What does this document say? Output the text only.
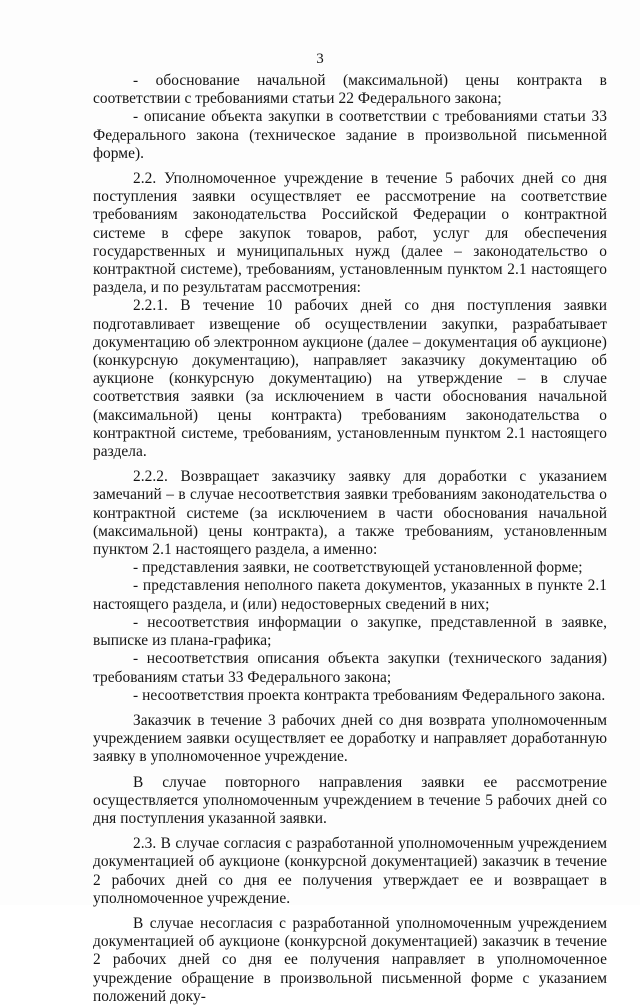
3

- обоснование начальной (максимальной) цены контракта в соответствии с требованиями статьи 22 Федерального закона;

- описание объекта закупки в соответствии с требованиями статьи 33 Федерального закона (техническое задание в произвольной письменной форме).

2.2. Уполномоченное учреждение в течение 5 рабочих дней со дня поступления заявки осуществляет ее рассмотрение на соответствие требованиям законодательства Российской Федерации о контрактной системе в сфере закупок товаров, работ, услуг для обеспечения государственных и муниципальных нужд (далее – законодательство о контрактной системе), требованиям, установленным пунктом 2.1 настоящего раздела, и по результатам рассмотрения:

2.2.1. В течение 10 рабочих дней со дня поступления заявки подготавливает извещение об осуществлении закупки, разрабатывает документацию об электронном аукционе (далее – документация об аукционе) (конкурсную документацию), направляет заказчику документацию об аукционе (конкурсную документацию) на утверждение – в случае соответствия заявки (за исключением в части обоснования начальной (максимальной) цены контракта) требованиям законодательства о контрактной системе, требованиям, установленным пунктом 2.1 настоящего раздела.

2.2.2. Возвращает заказчику заявку для доработки с указанием замечаний – в случае несоответствия заявки требованиям законодательства о контрактной системе (за исключением в части обоснования начальной (максимальной) цены контракта), а также требованиям, установленным пунктом 2.1 настоящего раздела, а именно:

- представления заявки, не соответствующей установленной форме;

- представления неполного пакета документов, указанных в пункте 2.1 настоящего раздела, и (или) недостоверных сведений в них;

- несоответствия информации о закупке, представленной в заявке, выписке из плана-графика;

- несоответствия описания объекта закупки (технического задания) требованиям статьи 33 Федерального закона;

- несоответствия проекта контракта требованиям Федерального закона.

Заказчик в течение 3 рабочих дней со дня возврата уполномоченным учреждением заявки осуществляет ее доработку и направляет доработанную заявку в уполномоченное учреждение.

В случае повторного направления заявки ее рассмотрение осуществляется уполномоченным учреждением в течение 5 рабочих дней со дня поступления указанной заявки.

2.3. В случае согласия с разработанной уполномоченным учреждением документацией об аукционе (конкурсной документацией) заказчик в течение 2 рабочих дней со дня ее получения утверждает ее и возвращает в уполномоченное учреждение.

В случае несогласия с разработанной уполномоченным учреждением документацией об аукционе (конкурсной документацией) заказчик в течение 2 рабочих дней со дня ее получения направляет в уполномоченное учреждение обращение в произвольной письменной форме с указанием положений доку-
